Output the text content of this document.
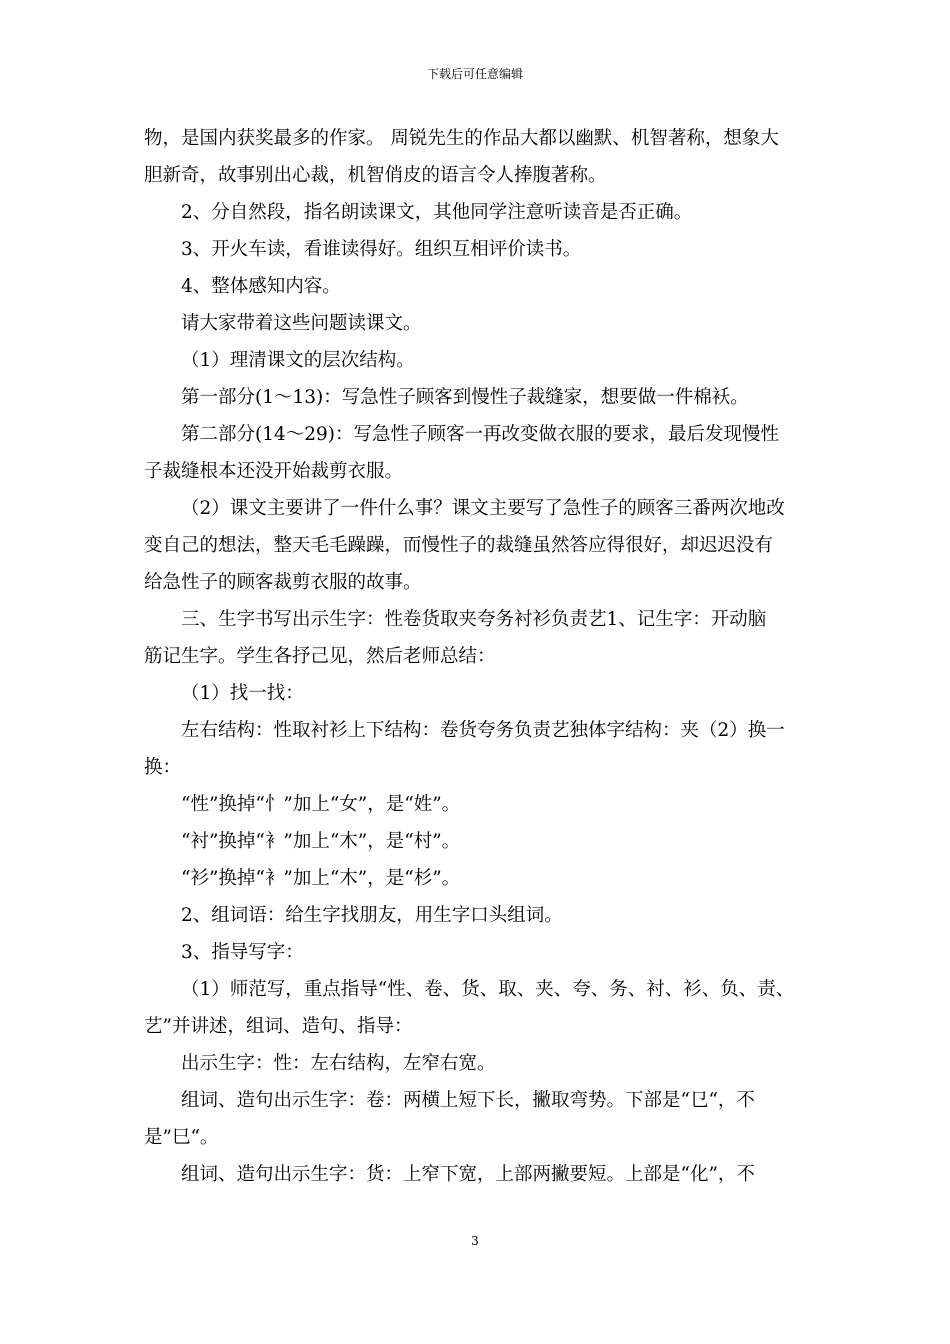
下载后可任意编辑
物，是国内获奖最多的作家。 周锐先生的作品大都以幽默、机智著称，想象大
胆新奇，故事别出心裁，机智俏皮的语言令人捧腹著称。
2、分自然段，指名朗读课文，其他同学注意听读音是否正确。
3、开火车读，看谁读得好。组织互相评价读书。
4、整体感知内容。
请大家带着这些问题读课文。
（1）理清课文的层次结构。
第一部分(1～13)：写急性子顾客到慢性子裁缝家，想要做一件棉袄。
第二部分(14～29)：写急性子顾客一再改变做衣服的要求，最后发现慢性
子裁缝根本还没开始裁剪衣服。
（2）课文主要讲了一件什么事？课文主要写了急性子的顾客三番两次地改
变自己的想法，整天毛毛躁躁，而慢性子的裁缝虽然答应得很好，却迟迟没有
给急性子的顾客裁剪衣服的故事。
三、生字书写出示生字：性卷货取夹夸务衬衫负责艺1、记生字：开动脑
筋记生字。学生各抒己见，然后老师总结：
（1）找一找：
左右结构：性取衬衫上下结构：卷货夸务负责艺独体字结构：夹（2）换一
换：
“性”换掉“忄”加上“女”，是“姓”。
“衬”换掉“衤”加上“木”，是“村”。
“衫”换掉“衤”加上“木”，是“杉”。
2、组词语：给生字找朋友，用生字口头组词。
3、指导写字：
（1）师范写，重点指导“性、卷、货、取、夹、夸、务、衬、衫、负、责、
艺”并讲述，组词、造句、指导：
出示生字：性：左右结构，左窄右宽。
组词、造句出示生字：卷：两横上短下长，撇取弯势。下部是“㔾“，不
是”巳“。
组词、造句出示生字：货：上窄下宽，上部两撇要短。上部是“化”，不
3
